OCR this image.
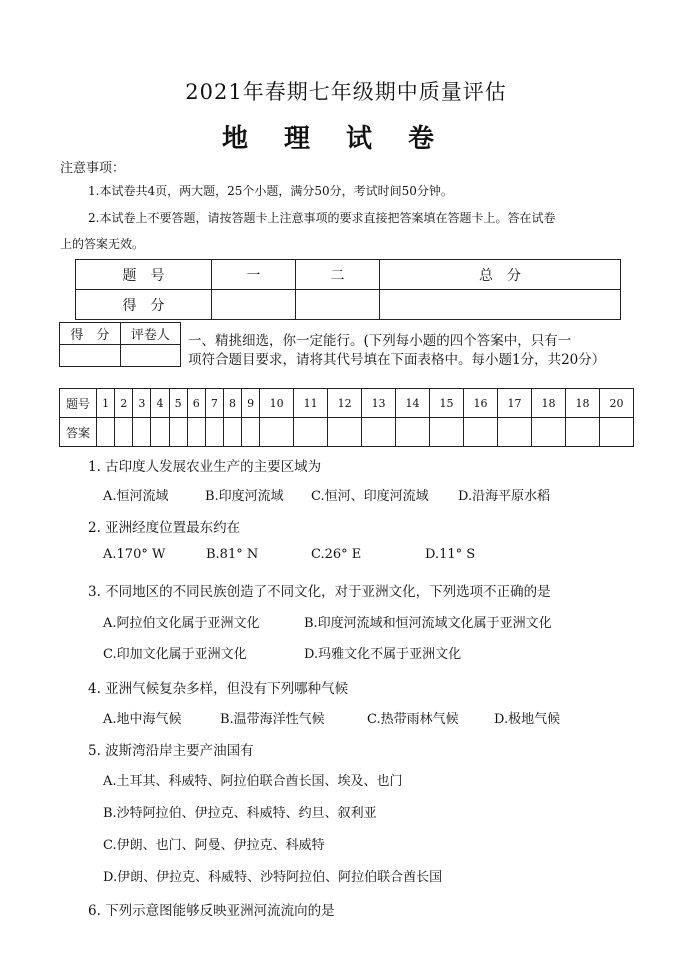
2021年春期七年级期中质量评估
地理试卷
注意事项：
1.本试卷共4页，两大题，25个小题，满分50分，考试时间50分钟。
2.本试卷上不要答题，请按答题卡上注意事项的要求直接把答案填在答题卡上。答在试卷
上的答案无效。
题　号	一	二	总　分
得　分			
得　分	评卷人
	一、精挑细选，你一定能行。(下列每小题的四个答案中，只有一
项符合题目要求，请将其代号填在下面表格中。每小题1分，共20分）
题号	1	2	3	4	5	6	7	8	9	10	11	12	13	14	15	16	17	18	18	20
答案																				
1. 古印度人发展农业生产的主要区域为
A.恒河流域	B.印度河流域 C.恒河、印度河流域 D.沿海平原水稻
2. 亚洲经度位置最东约在
A.170° W	B.81° N	C.26° E	D.11° S
3. 不同地区的不同民族创造了不同文化，对于亚洲文化，下列选项不正确的是
A.阿拉伯文化属于亚洲文化	B.印度河流域和恒河流域文化属于亚洲文化
C.印加文化属于亚洲文化	D.玛雅文化不属于亚洲文化
4. 亚洲气候复杂多样，但没有下列哪种气候
A.地中海气候	B.温带海洋性气候	C.热带雨林气候	D.极地气候
5. 波斯湾沿岸主要产油国有
A.土耳其、科威特、阿拉伯联合酋长国、埃及、也门
B.沙特阿拉伯、伊拉克、科威特、约旦、叙利亚
C.伊朗、也门、阿曼、伊拉克、科威特
D.伊朗、伊拉克、科威特、沙特阿拉伯、阿拉伯联合酋长国
6. 下列示意图能够反映亚洲河流流向的是
